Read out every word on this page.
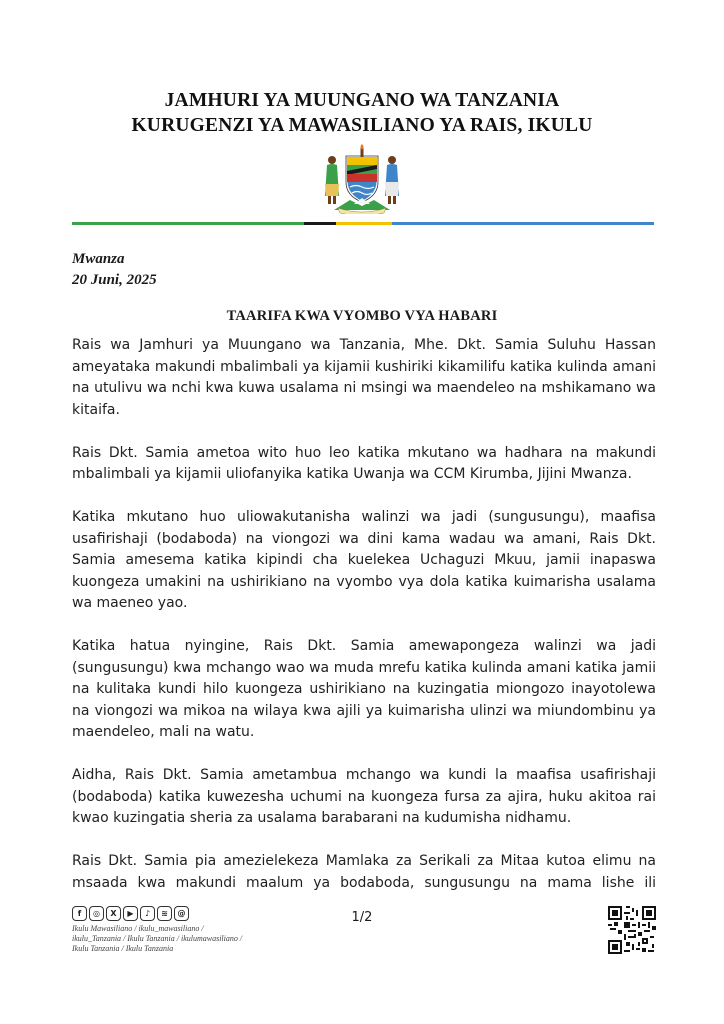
JAMHURI YA MUUNGANO WA TANZANIA
KURUGENZI YA MAWASILIANO YA RAIS, IKULU
Mwanza
20 Juni, 2025
TAARIFA KWA VYOMBO VYA HABARI

Rais wa Jamhuri ya Muungano wa Tanzania, Mhe. Dkt. Samia Suluhu Hassan ameyataka makundi mbalimbali ya kijamii kushiriki kikamilifu katika kulinda amani na utulivu wa nchi kwa kuwa usalama ni msingi wa maendeleo na mshikamano wa kitaifa.

Rais Dkt. Samia ametoa wito huo leo katika mkutano wa hadhara na makundi mbalimbali ya kijamii uliofanyika katika Uwanja wa CCM Kirumba, Jijini Mwanza.

Katika mkutano huo uliowakutanisha walinzi wa jadi (sungusungu), maafisa usafirishaji (bodaboda) na viongozi wa dini kama wadau wa amani, Rais Dkt. Samia amesema katika kipindi cha kuelekea Uchaguzi Mkuu, jamii inapaswa kuongeza umakini na ushirikiano na vyombo vya dola katika kuimarisha usalama wa maeneo yao.

Katika hatua nyingine, Rais Dkt. Samia amewapongeza walinzi wa jadi (sungusungu) kwa mchango wao wa muda mrefu katika kulinda amani katika jamii na kulitaka kundi hilo kuongeza ushirikiano na kuzingatia miongozo inayotolewa na viongozi wa mikoa na wilaya kwa ajili ya kuimarisha ulinzi wa miundombinu ya maendeleo, mali na watu.

Aidha, Rais Dkt. Samia ametambua mchango wa kundi la maafisa usafirishaji (bodaboda) katika kuwezesha uchumi na kuongeza fursa za ajira, huku akitoa rai kwao kuzingatia sheria za usalama barabarani na kudumisha nidhamu.

Rais Dkt. Samia pia amezielekeza Mamlaka za Serikali za Mitaa kutoa elimu na msaada kwa makundi maalum ya bodaboda, sungusungu na mama lishe ili

f	◎	X	▶	♪	≋	@
Ikulu Mawasiliano / ikulu_mawasiliano / ikulu_Tanzania / Ikulu Tanzania / ikulumawasiliano / Ikulu Tanzania / Ikulu Tanzania
1/2
